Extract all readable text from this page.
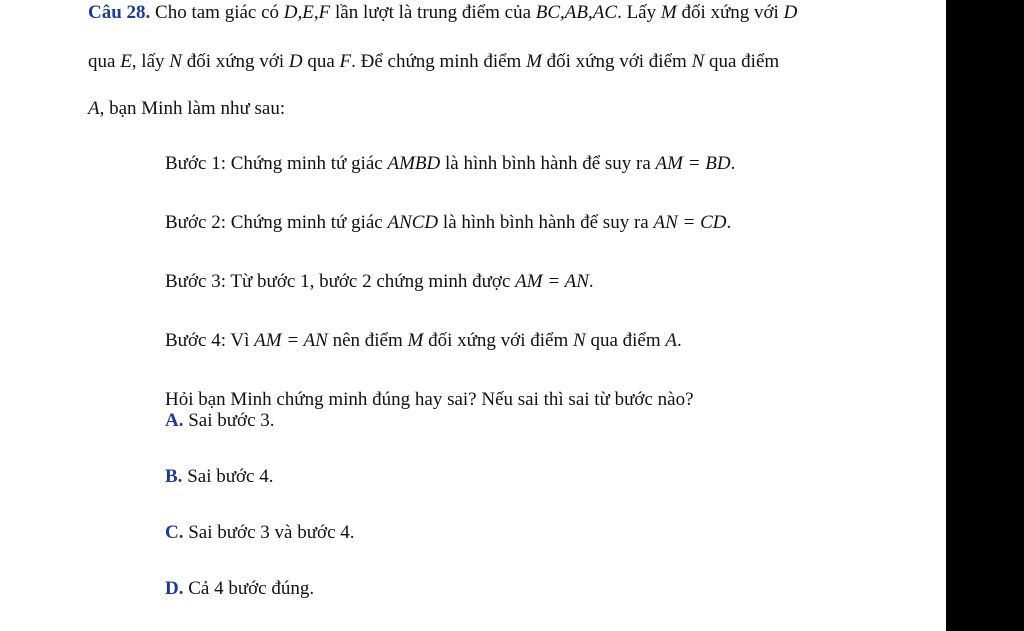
Câu 28. Cho tam giác có D,E,F lần lượt là trung điểm của BC,AB,AC. Lấy M đối xứng với D
qua E, lấy N đối xứng với D qua F. Để chứng minh điểm M đối xứng với điểm N qua điểm
A, bạn Minh làm như sau:
Bước 1: Chứng minh tứ giác AMBD là hình bình hành để suy ra AM = BD.
Bước 2: Chứng minh tứ giác ANCD là hình bình hành để suy ra AN = CD.
Bước 3: Từ bước 1, bước 2 chứng minh được AM = AN.
Bước 4: Vì AM = AN nên điểm M đối xứng với điểm N qua điểm A.
Hỏi bạn Minh chứng minh đúng hay sai? Nếu sai thì sai từ bước nào?
A. Sai bước 3.
B. Sai bước 4.
C. Sai bước 3 và bước 4.
D. Cả 4 bước đúng.
